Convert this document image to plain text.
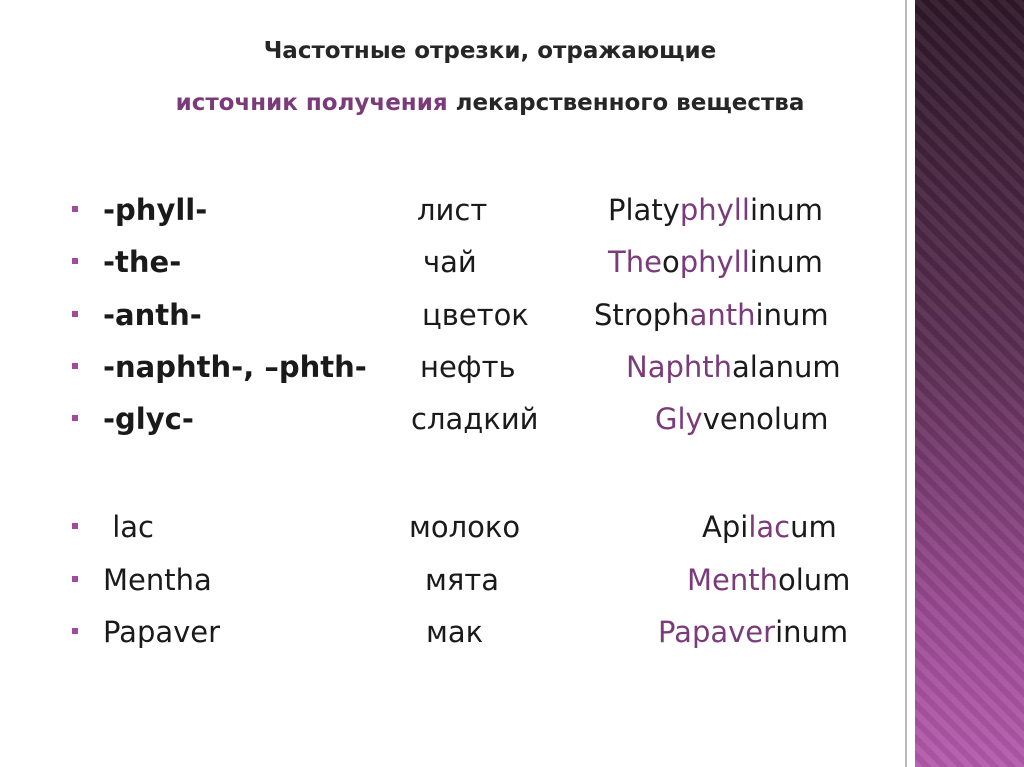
Частотные отрезки, отражающие

источник получения лекарственного вещества

-phyll-	лист	Platyphyllinum
-the-	чай	Theophyllinum
-anth-	цветок Strophanthinum
-naphth-, –phth- нефть	Naphthalanum
-glyc-	сладкий	Glyvenolum
lac	молоко	Apilacum
Mentha	мята	Mentholum
Papaver	мак	Papaverinum
